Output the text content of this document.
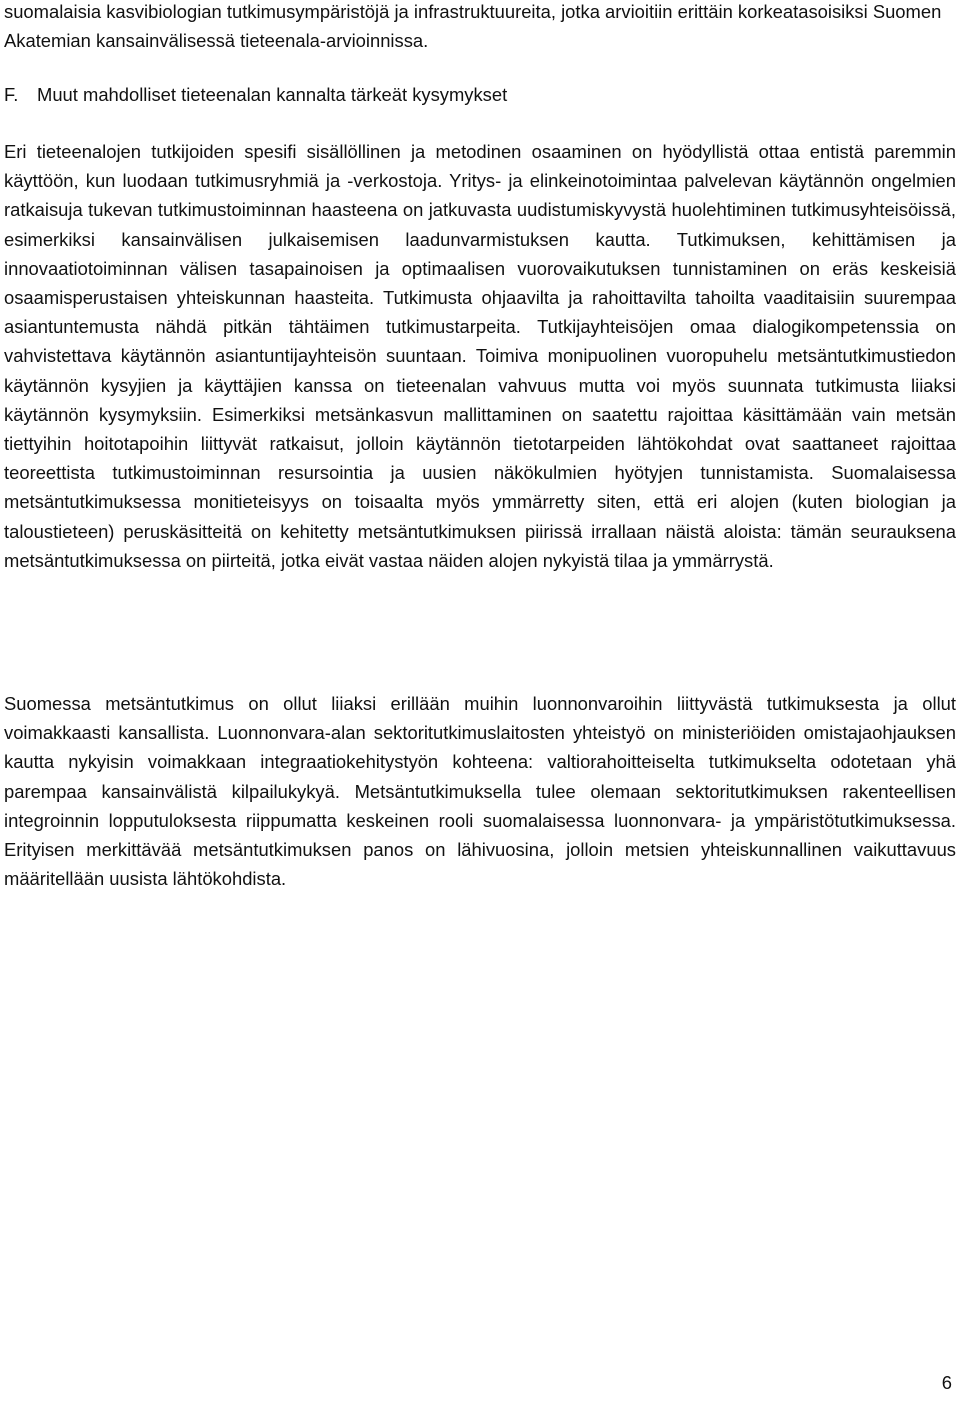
suomalaisia kasvibiologian tutkimusympäristöjä ja infrastruktuureita, jotka arvioitiin erittäin korkeatasoisiksi Suomen Akatemian kansainvälisessä tieteenala-arvioinnissa.

F. Muut mahdolliset tieteenalan kannalta tärkeät kysymykset

Eri tieteenalojen tutkijoiden spesifi sisällöllinen ja metodinen osaaminen on hyödyllistä ottaa entistä paremmin käyttöön, kun luodaan tutkimusryhmiä ja -verkostoja. Yritys- ja elinkeinotoimintaa palvelevan käytännön ongelmien ratkaisuja tukevan tutkimustoiminnan haasteena on jatkuvasta uudistumiskyvystä huolehtiminen tutkimusyhteisöissä, esimerkiksi kansainvälisen julkaisemisen laadunvarmistuksen kautta. Tutkimuksen, kehittämisen ja innovaatiotoiminnan välisen tasapainoisen ja optimaalisen vuorovaikutuksen tunnistaminen on eräs keskeisiä osaamisperustaisen yhteiskunnan haasteita. Tutkimusta ohjaavilta ja rahoittavilta tahoilta vaaditaisiin suurempaa asiantuntemusta nähdä pitkän tähtäimen tutkimustarpeita. Tutkijayhteisöjen omaa dialogikompetenssia on vahvistettava käytännön asiantuntijayhteisön suuntaan. Toimiva monipuolinen vuoropuhelu metsäntutkimustiedon käytännön kysyjien ja käyttäjien kanssa on tieteenalan vahvuus mutta voi myös suunnata tutkimusta liiaksi käytännön kysymyksiin. Esimerkiksi metsänkasvun mallittaminen on saatettu rajoittaa käsittämään vain metsän tiettyihin hoitotapoihin liittyvät ratkaisut, jolloin käytännön tietotarpeiden lähtökohdat ovat saattaneet rajoittaa teoreettista tutkimustoiminnan resursointia ja uusien näkökulmien hyötyjen tunnistamista. Suomalaisessa metsäntutkimuksessa monitieteisyys on toisaalta myös ymmärretty siten, että eri alojen (kuten biologian ja taloustieteen) peruskäsitteitä on kehitetty metsäntutkimuksen piirissä irrallaan näistä aloista: tämän seurauksena metsäntutkimuksessa on piirteitä, jotka eivät vastaa näiden alojen nykyistä tilaa ja ymmärrystä.

Suomessa metsäntutkimus on ollut liiaksi erillään muihin luonnonvaroihin liittyvästä tutkimuksesta ja ollut voimakkaasti kansallista. Luonnonvara-alan sektoritutkimuslaitosten yhteistyö on ministeriöiden omistajaohjauksen kautta nykyisin voimakkaan integraatiokehitystyön kohteena: valtiorahoitteiselta tutkimukselta odotetaan yhä parempaa kansainvälistä kilpailukykyä. Metsäntutkimuksella tulee olemaan sektoritutkimuksen rakenteellisen integroinnin lopputuloksesta riippumatta keskeinen rooli suomalaisessa luonnonvara- ja ympäristötutkimuksessa. Erityisen merkittävää metsäntutkimuksen panos on lähivuosina, jolloin metsien yhteiskunnallinen vaikuttavuus määritellään uusista lähtökohdista.

6
